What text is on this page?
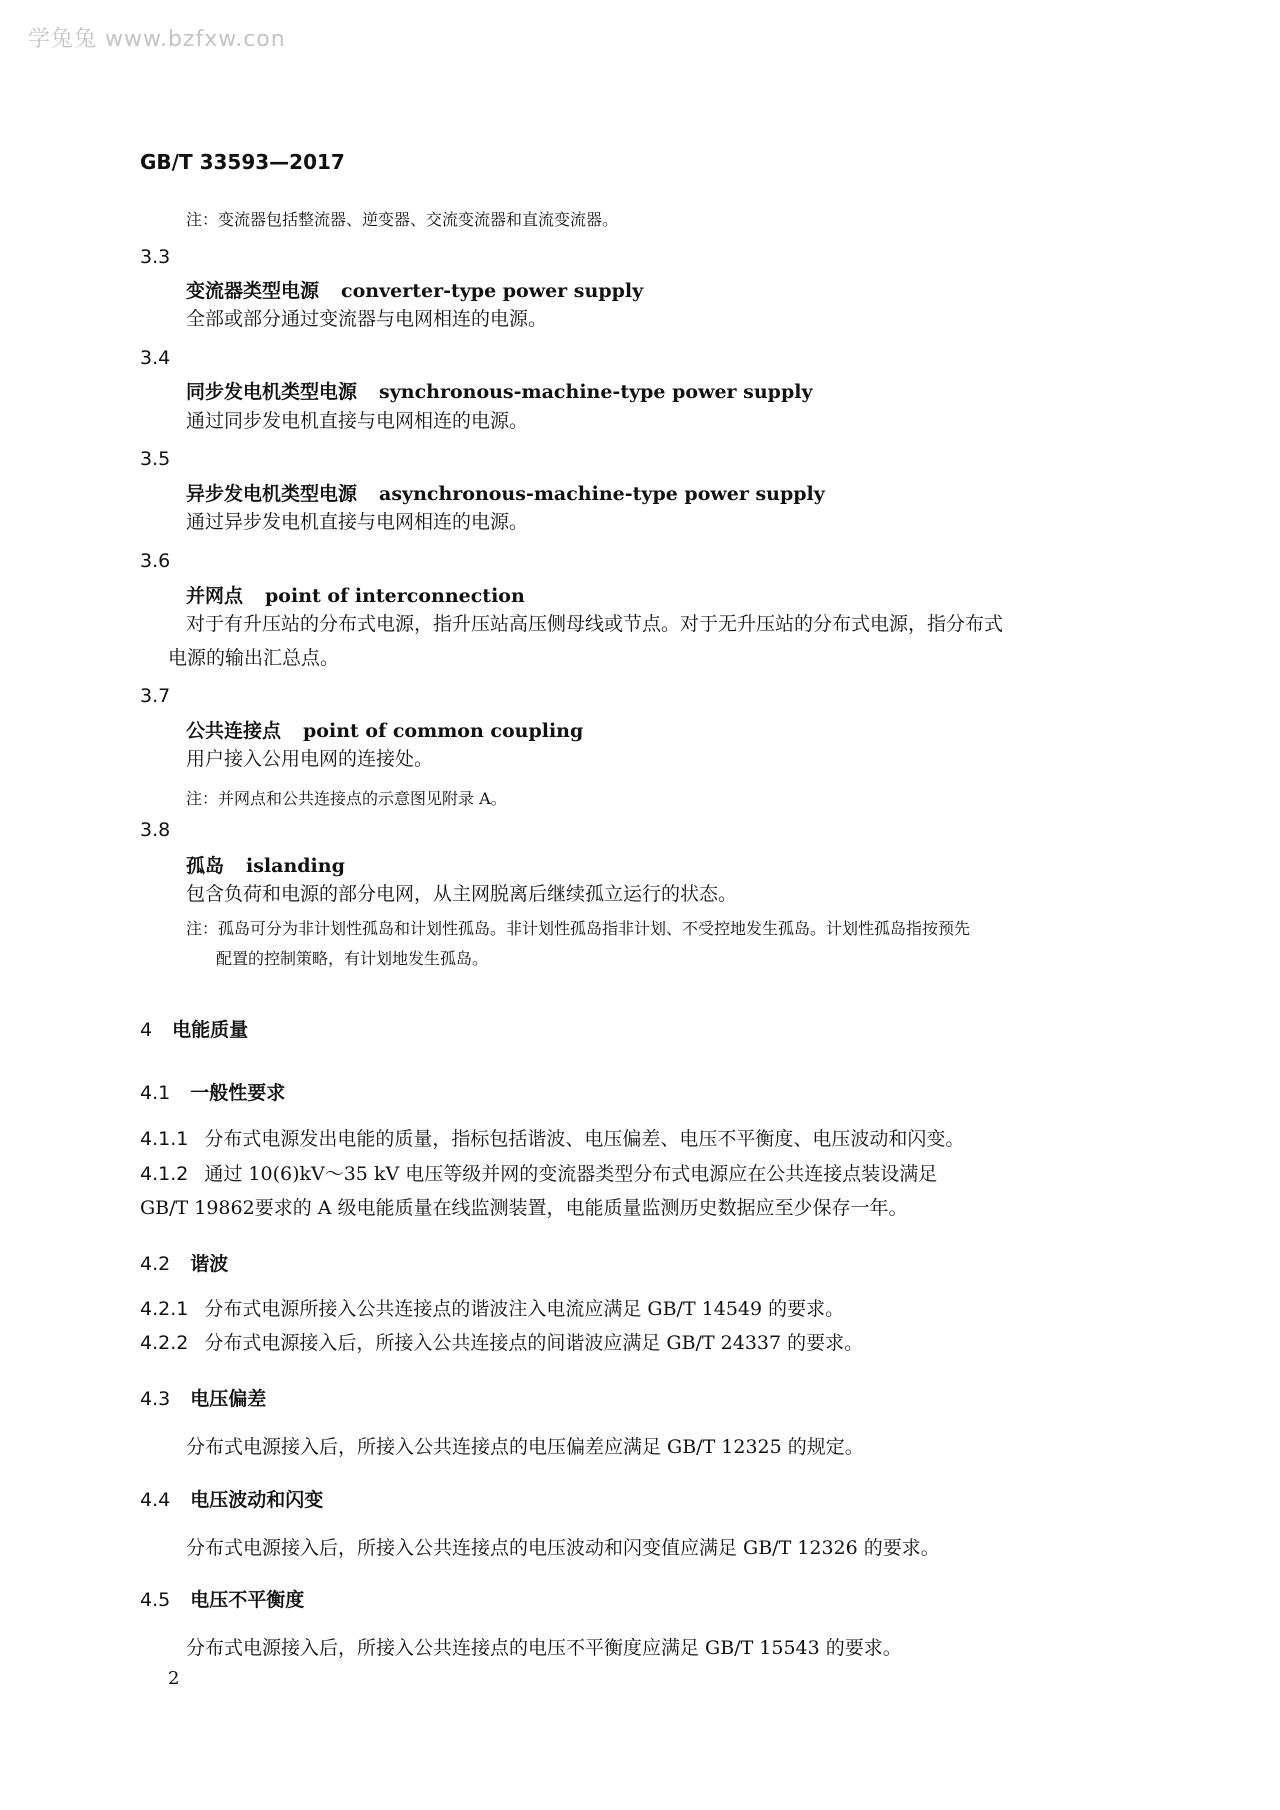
学兔兔 www.bzfxw.con
GB/T 33593—2017
注：变流器包括整流器、逆变器、交流变流器和直流变流器。
3.3
变流器类型电源 converter-type power supply
全部或部分通过变流器与电网相连的电源。
3.4
同步发电机类型电源 synchronous-machine-type power supply
通过同步发电机直接与电网相连的电源。
3.5
异步发电机类型电源 asynchronous-machine-type power supply
通过异步发电机直接与电网相连的电源。
3.6
并网点 point of interconnection
对于有升压站的分布式电源，指升压站高压侧母线或节点。对于无升压站的分布式电源，指分布式
电源的输出汇总点。
3.7
公共连接点 point of common coupling
用户接入公用电网的连接处。
注：并网点和公共连接点的示意图见附录 A。
3.8
孤岛 islanding
包含负荷和电源的部分电网，从主网脱离后继续孤立运行的状态。
注：孤岛可分为非计划性孤岛和计划性孤岛。非计划性孤岛指非计划、不受控地发生孤岛。计划性孤岛指按预先
配置的控制策略，有计划地发生孤岛。
4 电能质量
4.1 一般性要求
4.1.1 分布式电源发出电能的质量，指标包括谐波、电压偏差、电压不平衡度、电压波动和闪变。
4.1.2 通过 10(6)kV～35 kV 电压等级并网的变流器类型分布式电源应在公共连接点装设满足
GB/T 19862要求的 A 级电能质量在线监测装置，电能质量监测历史数据应至少保存一年。
4.2 谐波
4.2.1 分布式电源所接入公共连接点的谐波注入电流应满足 GB/T 14549 的要求。
4.2.2 分布式电源接入后，所接入公共连接点的间谐波应满足 GB/T 24337 的要求。
4.3 电压偏差
分布式电源接入后，所接入公共连接点的电压偏差应满足 GB/T 12325 的规定。
4.4 电压波动和闪变
分布式电源接入后，所接入公共连接点的电压波动和闪变值应满足 GB/T 12326 的要求。
4.5 电压不平衡度
分布式电源接入后，所接入公共连接点的电压不平衡度应满足 GB/T 15543 的要求。
2
